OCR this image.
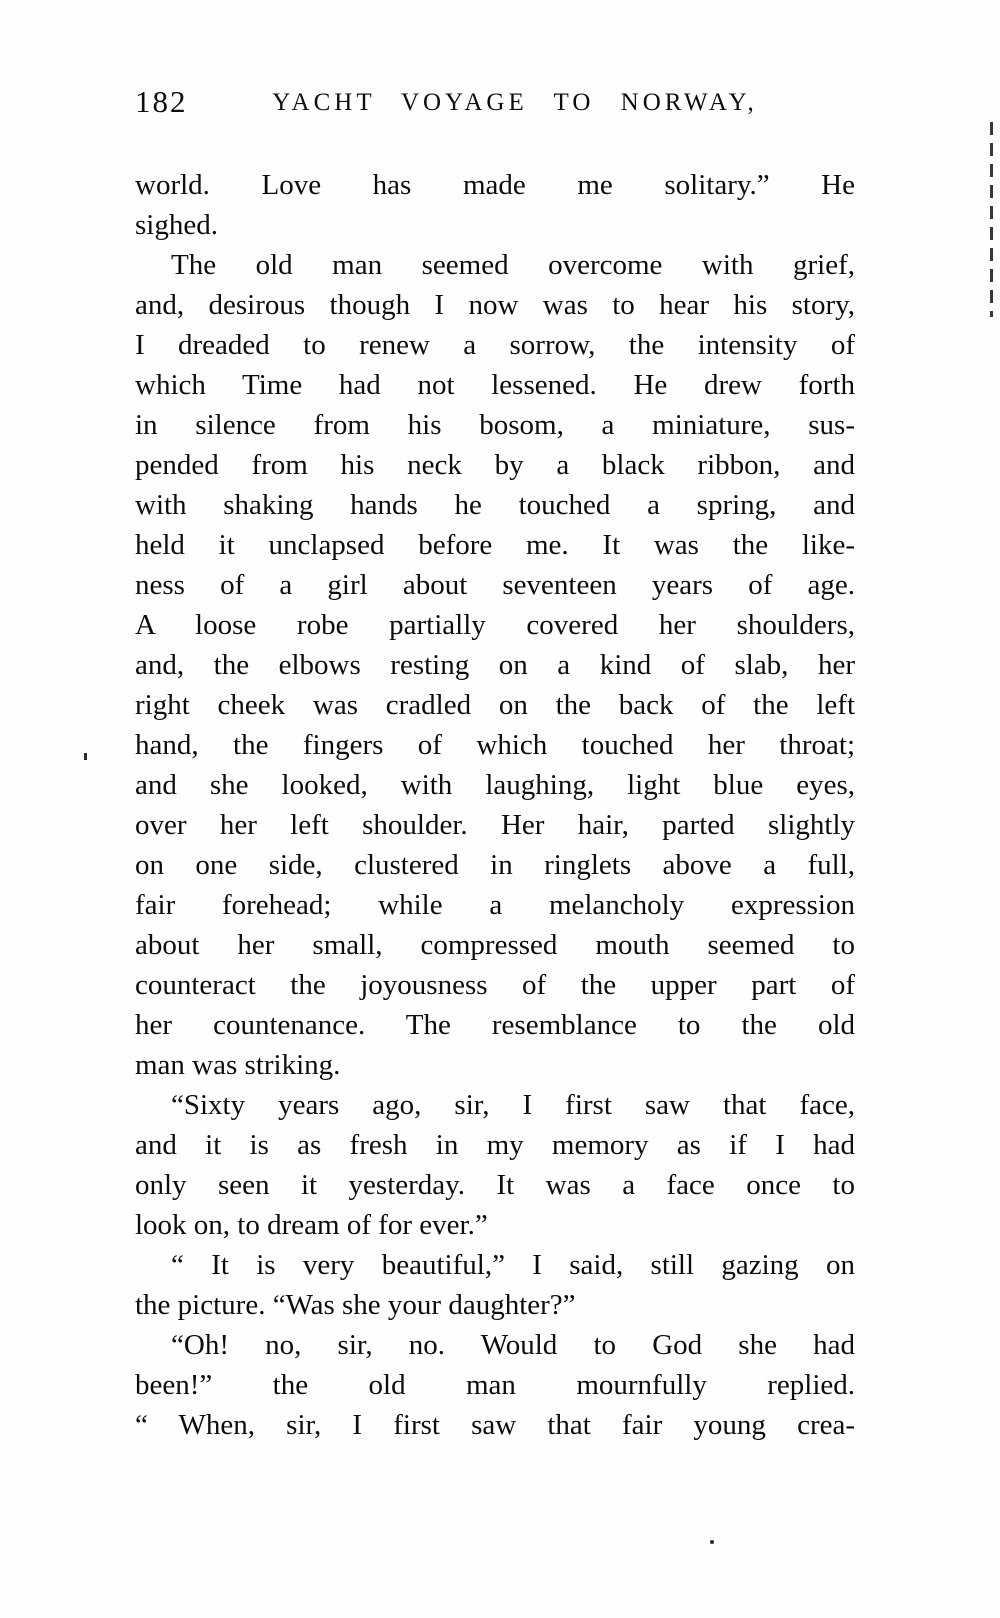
182	YACHT VOYAGE TO NORWAY,
world. Love has made me solitary.” He
sighed.
The old man seemed overcome with grief,
and, desirous though I now was to hear his story,
I dreaded to renew a sorrow, the intensity of
which Time had not lessened. He drew forth
in silence from his bosom, a miniature, sus-
pended from his neck by a black ribbon, and
with shaking hands he touched a spring, and
held it unclapsed before me. It was the like-
ness of a girl about seventeen years of age.
A loose robe partially covered her shoulders,
and, the elbows resting on a kind of slab, her
right cheek was cradled on the back of the left
hand, the fingers of which touched her throat;
and she looked, with laughing, light blue eyes,
over her left shoulder. Her hair, parted slightly
on one side, clustered in ringlets above a full,
fair forehead; while a melancholy expression
about her small, compressed mouth seemed to
counteract the joyousness of the upper part of
her countenance. The resemblance to the old
man was striking.
“Sixty years ago, sir, I first saw that face,
and it is as fresh in my memory as if I had
only seen it yesterday. It was a face once to
look on, to dream of for ever.”
“ It is very beautiful,” I said, still gazing on
the picture. “Was she your daughter?”
“Oh! no, sir, no. Would to God she had
been!” the old man mournfully replied.
“ When, sir, I first saw that fair young crea-
